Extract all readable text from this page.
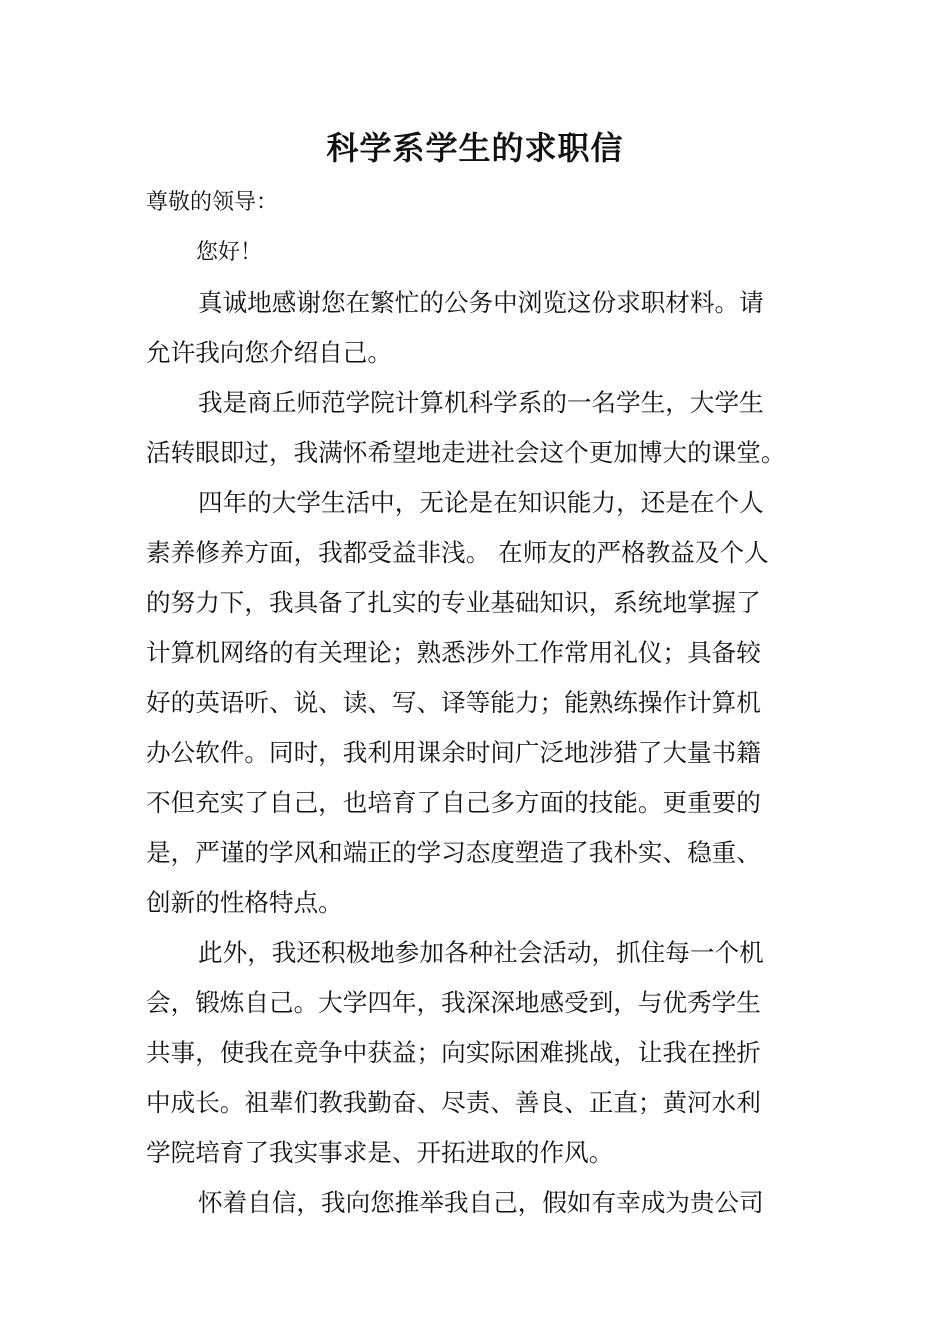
科学系学生的求职信

尊敬的领导：

您好！

真诚地感谢您在繁忙的公务中浏览这份求职材料。请
允许我向您介绍自己。
我是商丘师范学院计算机科学系的一名学生，大学生
活转眼即过，我满怀希望地走进社会这个更加博大的课堂。
四年的大学生活中，无论是在知识能力，还是在个人
素养修养方面，我都受益非浅。 在师友的严格教益及个人
的努力下，我具备了扎实的专业基础知识，系统地掌握了
计算机网络的有关理论；熟悉涉外工作常用礼仪；具备较
好的英语听、说、读、写、译等能力；能熟练操作计算机
办公软件。同时，我利用课余时间广泛地涉猎了大量书籍
不但充实了自己，也培育了自己多方面的技能。更重要的
是，严谨的学风和端正的学习态度塑造了我朴实、稳重、
创新的性格特点。
此外，我还积极地参加各种社会活动，抓住每一个机
会，锻炼自己。大学四年，我深深地感受到，与优秀学生
共事，使我在竞争中获益；向实际困难挑战，让我在挫折
中成长。祖辈们教我勤奋、尽责、善良、正直；黄河水利
学院培育了我实事求是、开拓进取的作风。
怀着自信，我向您推举我自己，假如有幸成为贵公司
